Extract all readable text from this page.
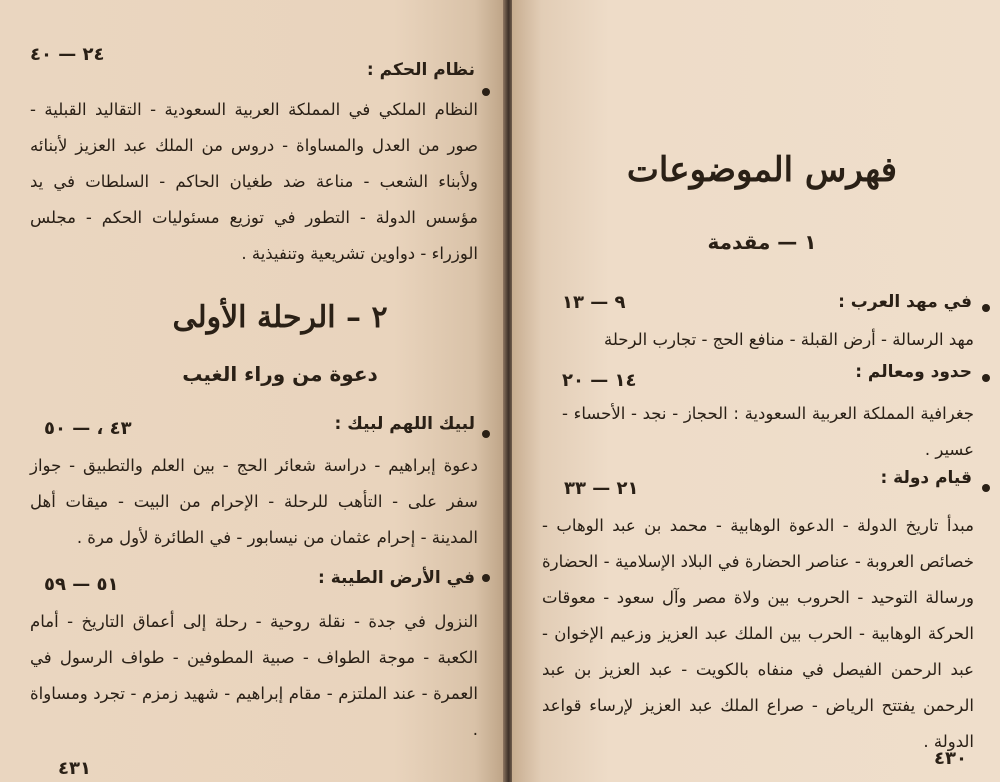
نظام الحكم :
٢٤ — ٤٠
النظام الملكي في المملكة العربية السعودية - التقاليد القبلية - صور من العدل والمساواة - دروس من الملك عبد العزيز لأبنائه ولأبناء الشعب - مناعة ضد طغيان الحاكم - السلطات في يد مؤسس الدولة - التطور في توزيع مسئوليات الحكم - مجلس الوزراء - دواوين تشريعية وتنفيذية .
٢ – الرحلة الأولى
دعوة من وراء الغيب
لبيك اللهم لبيك :
٤٣ ، — ٥٠
دعوة إبراهيم - دراسة شعائر الحج - بين العلم والتطبيق - جواز سفر على - التأهب للرحلة - الإحرام من البيت - ميقات أهل المدينة - إحرام عثمان من نيسابور - في الطائرة لأول مرة .
في الأرض الطيبة :
٥١ — ٥٩
النزول في جدة - نقلة روحية - رحلة إلى أعماق التاريخ - أمام الكعبة - موجة الطواف - صبية المطوفين - طواف الرسول في العمرة - عند الملتزم - مقام إبراهيم - شهيد زمزم - تجرد ومساواة .
٤٣١
فهرس الموضوعات
١ — مقدمة
في مهد العرب :
٩ — ١٣
مهد الرسالة - أرض القبلة - منافع الحج - تجارب الرحلة
حدود ومعالم :
١٤ — ٢٠
جغرافية المملكة العربية السعودية : الحجاز - نجد - الأحساء - عسير .
قيام دولة :
٢١ — ٣٣
مبدأ تاريخ الدولة - الدعوة الوهابية - محمد بن عبد الوهاب - خصائص العروبة - عناصر الحضارة في البلاد الإسلامية - الحضارة ورسالة التوحيد - الحروب بين ولاة مصر وآل سعود - معوقات الحركة الوهابية - الحرب بين الملك عبد العزيز وزعيم الإخوان - عبد الرحمن الفيصل في منفاه بالكويت - عبد العزيز بن عبد الرحمن يفتتح الرياض - صراع الملك عبد العزيز لإرساء قواعد الدولة .
٤٣٠
